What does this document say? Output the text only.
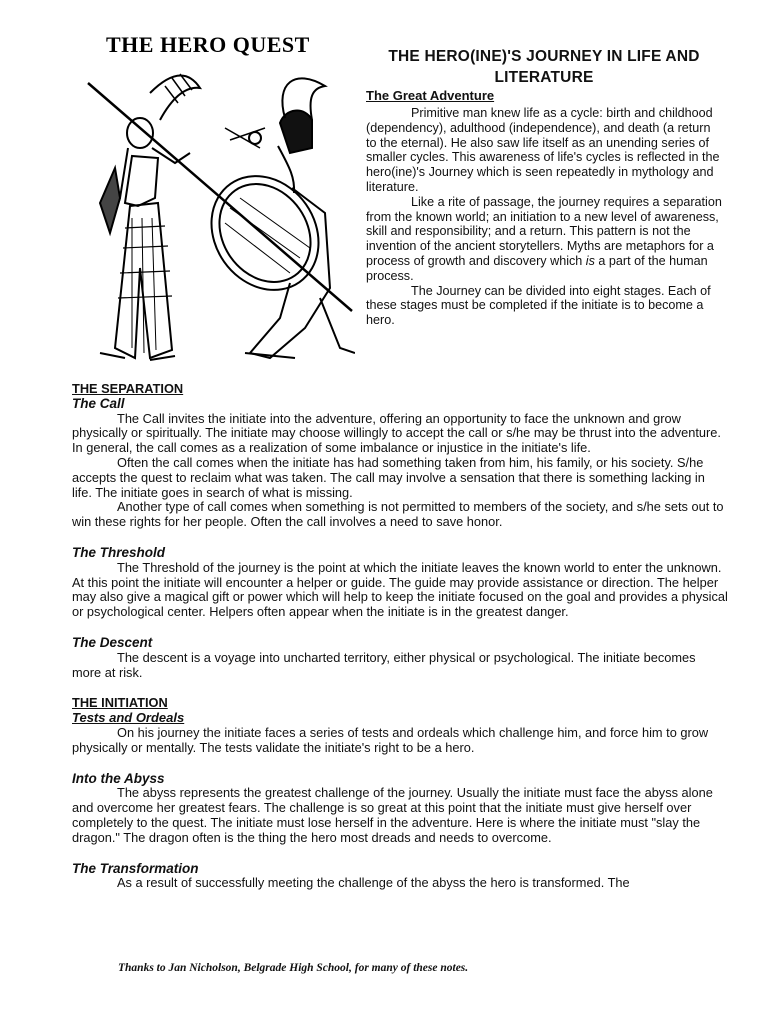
THE HERO QUEST	THE HERO(INE)'S JOURNEY IN LIFE AND LITERATURE
The Great Adventure

Primitive man knew life as a cycle: birth and childhood (dependency), adulthood (independence), and death (a return to the eternal). He also saw life itself as an unending series of smaller cycles. This awareness of life's cycles is reflected in the hero(ine)'s Journey which is seen repeatedly in mythology and literature.

Like a rite of passage, the journey requires a separation from the known world; an initiation to a new level of awareness, skill and responsibility; and a return. This pattern is not the invention of the ancient storytellers. Myths are metaphors for a process of growth and discovery which is a part of the human process.

The Journey can be divided into eight stages. Each of these stages must be completed if the initiate is to become a hero.

THE SEPARATION
The Call

The Call invites the initiate into the adventure, offering an opportunity to face the unknown and grow physically or spiritually. The initiate may choose willingly to accept the call or s/he may be thrust into the adventure. In general, the call comes as a realization of some imbalance or injustice in the initiate's life.

Often the call comes when the initiate has had something taken from him, his family, or his society. S/he accepts the quest to reclaim what was taken. The call may involve a sensation that there is something lacking in life. The initiate goes in search of what is missing.

Another type of call comes when something is not permitted to members of the society, and s/he sets out to win these rights for her people. Often the call involves a need to save honor.

The Threshold

The Threshold of the journey is the point at which the initiate leaves the known world to enter the unknown. At this point the initiate will encounter a helper or guide. The guide may provide assistance or direction. The helper may also give a magical gift or power which will help to keep the initiate focused on the goal and provides a physical or psychological center. Helpers often appear when the initiate is in the greatest danger.

The Descent

The descent is a voyage into uncharted territory, either physical or psychological. The initiate becomes more at risk.

THE INITIATION
Tests and Ordeals

On his journey the initiate faces a series of tests and ordeals which challenge him, and force him to grow physically or mentally. The tests validate the initiate's right to be a hero.

Into the Abyss

The abyss represents the greatest challenge of the journey. Usually the initiate must face the abyss alone and overcome her greatest fears. The challenge is so great at this point that the initiate must give herself over completely to the quest. The initiate must lose herself in the adventure. Here is where the initiate must "slay the dragon." The dragon often is the thing the hero most dreads and needs to overcome.

The Transformation

As a result of successfully meeting the challenge of the abyss the hero is transformed. The

Thanks to Jan Nicholson, Belgrade High School, for many of these notes.
